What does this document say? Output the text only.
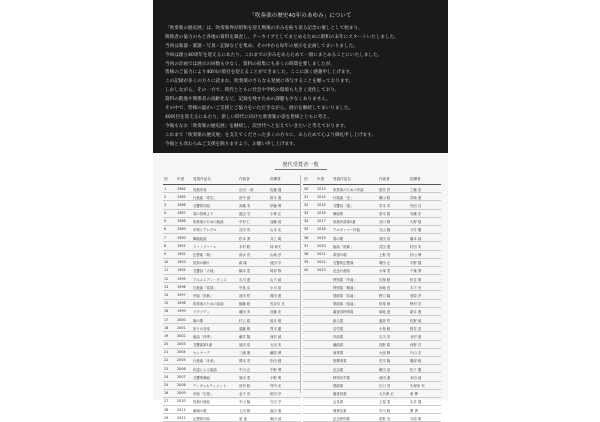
「吹奏楽の歴史40年のあゆみ」について
「吹奏楽の歴史展」は、吹奏楽界が昭和を迎え戦後の歩みを振り返る記念の催しとして始まり、
関係者の協力のもと各地の資料を調査し、アーカイブとしてまとめるために昭和の末年にスタートいたしました。
当初は楽器・楽譜・写真・記録などを集め、その中から毎年の展示を企画してまいりました。
今回は創立40周年を迎えるにあたり、これまでの歩みをあらためて一冊にまとめることにいたしました。
当初の計画では展示の回数も少なく、資料の収集にも多くの時間を要しましたが、
皆様のご協力により40回の節目を迎えることができました。ここに深く感謝申し上げます。
この記録が多くの方々に読まれ、吹奏楽のさらなる発展に寄与することを願っております。
しかしながら、その一方で、時代とともに社会や学校の環境も大きく変化しており、
資料の散逸や関係者の高齢化など、記録を残すための課題も少なくありません。
その中で、皆様の温かいご支援とご協力をいただきながら、展示を継続してまいりました。
40回目を迎えるにあたり、新しい時代に向けた吹奏楽の姿を皆様とともに考え、
今後もなお「吹奏楽の歴史展」を継続し、次世代へと伝えていきたいと考えております。
これまで「吹奏楽の歴史展」を支えてくださった多くの方々に、あらためて心より御礼申し上げます。
今後とも変わらぬご支援を賜りますよう、お願い申し上げます。
歴代受賞者一覧
回	年度 受賞作品名	作曲者	指揮者
1	1984	祝典序曲	山田 一郎	佐藤 健
2	1985	行進曲「青空」	田中 誠	鈴木 進
3	1986	交響的序曲	高橋 実	伊藤 博
4	1987	春の祭典より	渡辺 守	小林 正
5	1988	吹奏楽のための組曲	中村 仁	加藤 清
6	1989	序奏とアレグロ	吉田 茂	山本 光
7	1990	舞踏組曲	松本 勇	井上 明
8	1991	ファンファーレ	木村 聡	林 和夫
9	1992	幻想曲「海」	清水 亮	山崎 淳
10	1993	祝祭の踊り	森 隆	池田 学
11	1994	交響詩「大地」	橋本 豊	阿部 修
12	1995	アルメニアン・ダンス	石川 達	山下 誠
13	1996	行進曲「希望」	中島 弘	小川 浩
14	1997	序曲「祝典」	前田 哲	岡田 進
15	1998	吹奏楽のための詩曲	後藤 聡	長谷川 亘
16	1999	ラプソディ	藤田 実	近藤 宏
17	2000	朝の歌	村上 昭	坂本 勉
18	2001	祈りの音楽	遠藤 修	青木 徹
19	2002	組曲「四季」	藤井 隆	西村 誠
20	2003	交響曲第1番	福田 浩	太田 実
21	2004	セレナーデ	三浦 進	藤原 博
22	2005	行進曲「未来」	岡本 茂	松田 健
23	2006	民謡による組曲	中川 正	中野 勇
24	2007	交響的舞曲	原田 豊	小野 明
25	2008	ディヴェルティメント	田村 聡	竹内 光
26	2009	序曲「出発」	金子 亮	和田 淳
27	2010	祝典行進曲	中山 隆	石田 学
28	2011	鎮魂の歌	上田 修	森田 進
29	2012	幻想的序曲	原 達	柴田 誠
回	年度 受賞作品名	作曲者	指揮者
30	2013	吹奏楽のための序曲	酒井 哲	工藤 浩
31	2014	行進曲「光」	横山 聡	宮崎 進
32	2015	交響詩「風」	宮本 実	内田 亘
33	2016	舞曲集	高木 昭	安藤 宏
34	2017	祝典序曲第2番	谷口 修	大野 勉
35	2018	アルヴァマー序曲	丸山 隆	今井 徹
36	2019	春の歌	高田 浩	藤本 誠
37	2020	組曲「故郷」	武田 進	村田 実
38	2021	希望の朝	上野 茂	杉山 博
39	2022	交響的幻想曲	増田 正	平野 健
40	2023	記念行進曲	大塚 豊	千葉 勇
特別賞「序曲」	久保 聡	松井 明
特別賞「舞曲」	岩崎 亮	木下 光
奨励賞「詩曲」	野口 隆	菅原 淳
奨励賞「組曲」	松尾 修	野村 学
審査員特別賞	菊地 達	新井 進
新人賞	渡部 哲	佐野 誠
功労賞	小島 聡	桜井 浩
作曲賞	吉川 実	北村 進
編曲賞	浅野 昭	河野 亘
演奏賞	大西 修	片山 宏
指揮者賞	荒木 隆	服部 勉
記念賞	飯田 浩	松下 徹
特別功労賞	西田 進	本田 誠
奨励賞	川口 茂	久保田 実
審査員賞	大久保 正	東 博
会長賞	土屋 豊	永井 健
理事長賞	早川 聡	関 勇
記念特別賞	星野 亮	石原 明
